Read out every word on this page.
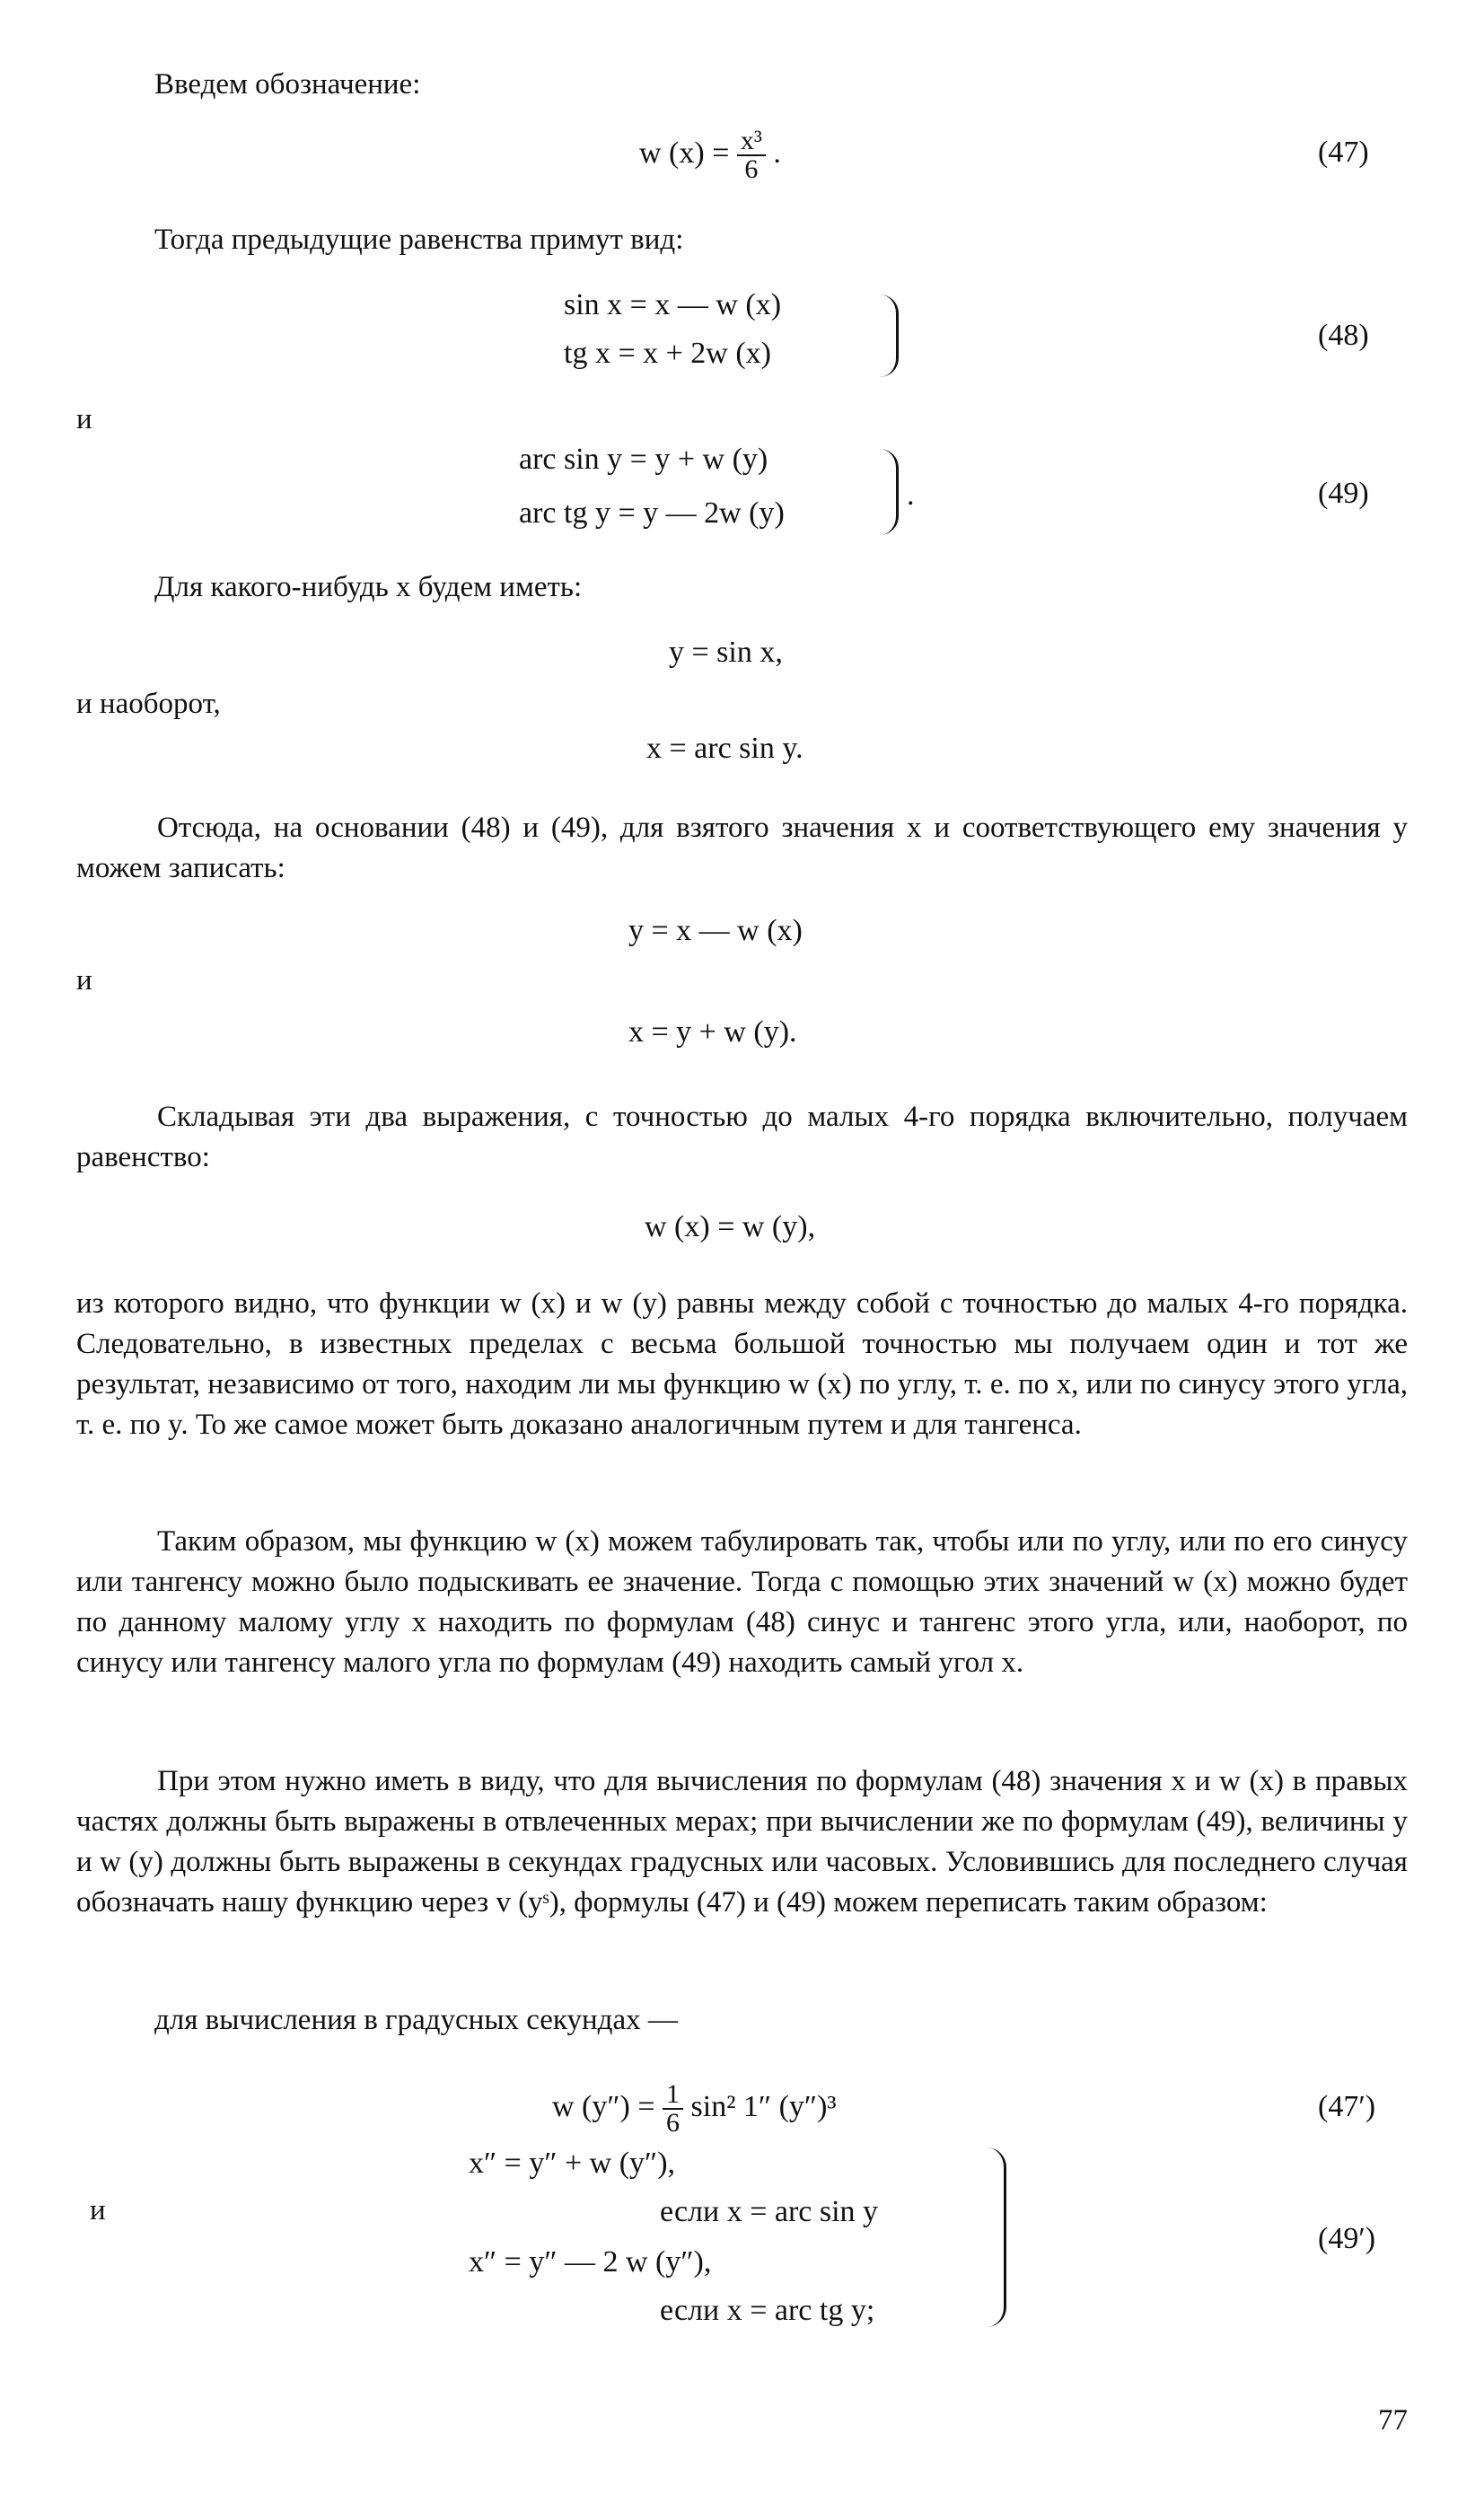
Введем обозначение:
w $(x) = \frac{\text{x³}}{6}$ .	(47)
Тогда предыдущие равенства примут вид:
sin x = x — w (x)
tg x = x + 2w (x)
(48)
и
arc sin y = y + w (y)
arc tg y = y — 2w (y)
.	(49)
Для какого-нибудь x будем иметь:
y = sin x,
и наоборот,
x = arc sin y.
Отсюда, на основании (48) и (49), для взятого значения x и соответствующего ему значения y можем записать:
y = x — w (x)
и
x = y + w (y).
Складывая эти два выражения, с точностью до малых 4-го порядка включительно, получаем равенство:
w (x) = w (y),
из которого видно, что функции w (x) и w (y) равны между собой с точностью до малых 4-го порядка. Следовательно, в известных пределах с весьма большой точностью мы получаем один и тот же результат, независимо от того, находим ли мы функцию w (x) по углу, т. е. по x, или по синусу этого угла, т. е. по y. То же самое может быть доказано аналогичным путем и для тангенса.
Таким образом, мы функцию w (x) можем табулировать так, чтобы или по углу, или по его синусу или тангенсу можно было подыскивать ее значение. Тогда с помощью этих значений w (x) можно будет по данному малому углу x находить по формулам (48) синус и тангенс этого угла, или, наоборот, по синусу или тангенсу малого угла по формулам (49) находить самый угол x.
При этом нужно иметь в виду, что для вычисления по формулам (48) значения x и w (x) в правых частях должны быть выражены в отвлеченных мерах; при вычислении же по формулам (49), величины y и w (y) должны быть выражены в секундах градусных или часовых. Условившись для последнего случая обозначать нашу функцию через v (yˢ), формулы (47) и (49) можем переписать таким образом:
для вычисления в градусных секундах —
w $(y'') = \frac{1}{6} \sin^2$ 1″ (y″)³	(47′)
и
x″ = y″ + w (y″),
если x = arc sin y
x″ = y″ — 2 w (y″),
если x = arc tg y;
(49′)
77
